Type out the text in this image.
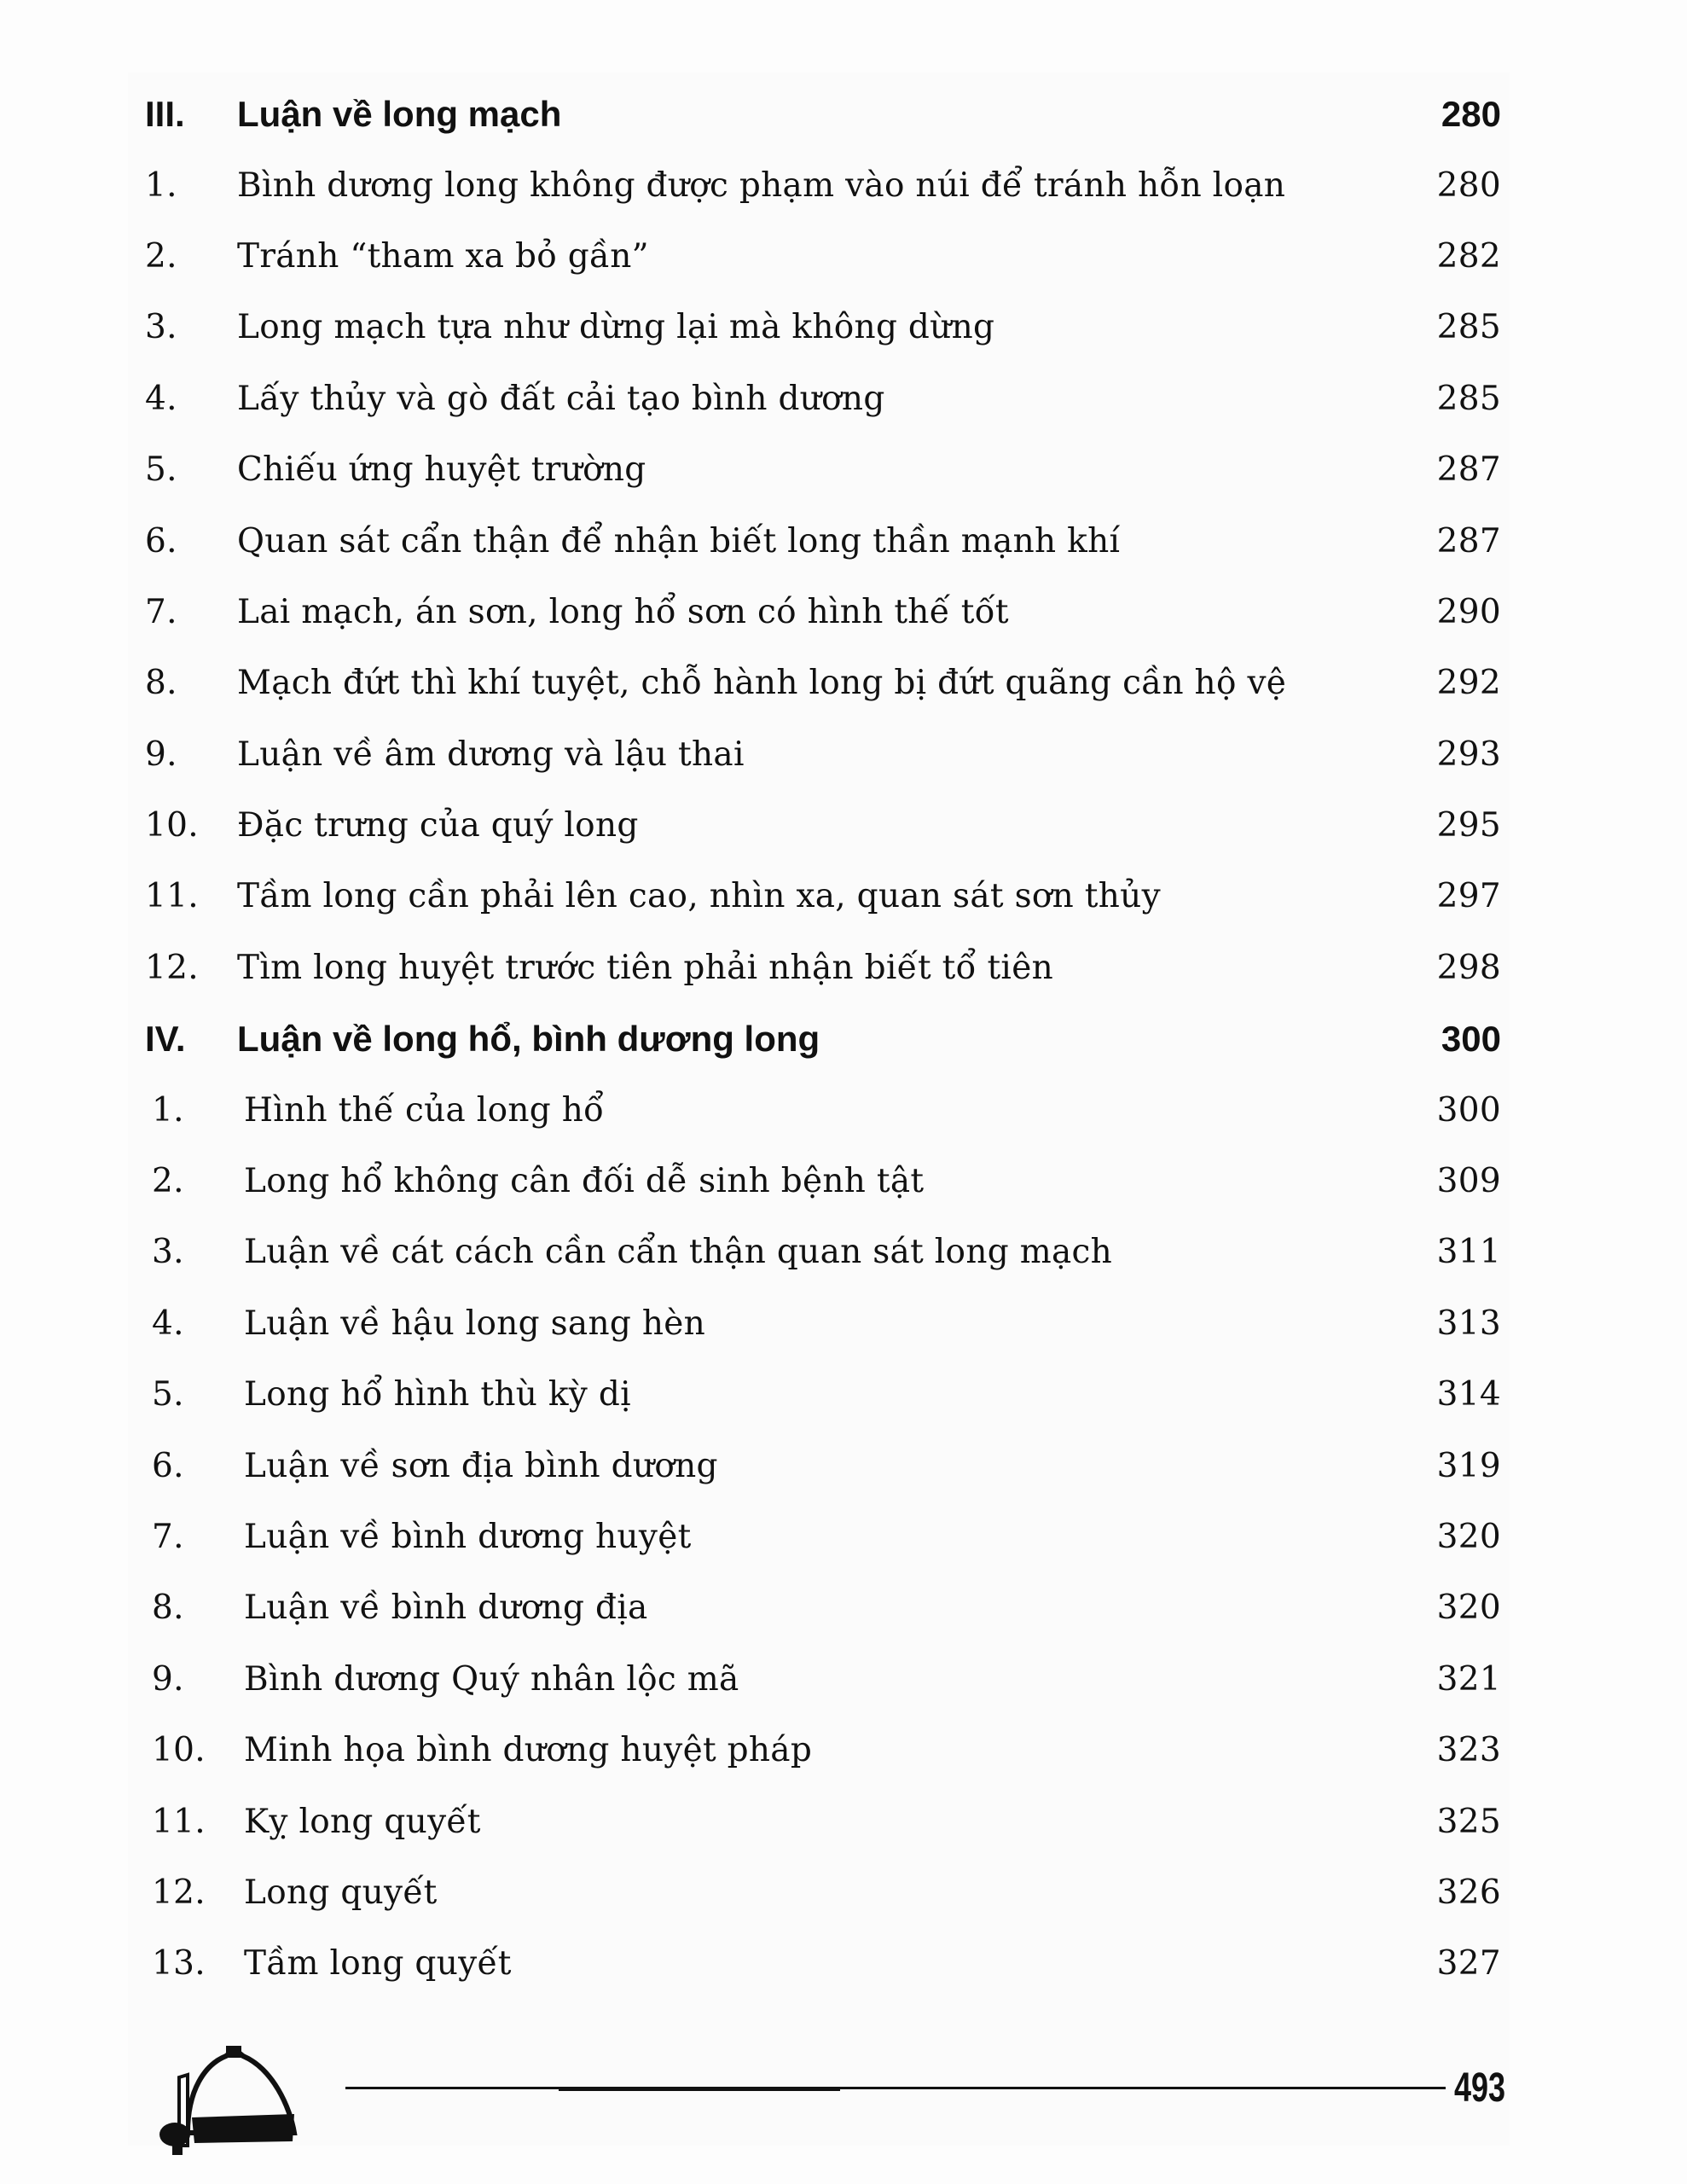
III.	Luận về long mạch	280
1.	Bình dương long không được phạm vào núi để tránh hỗn loạn	280
2.	Tránh “tham xa bỏ gần”	282
3.	Long mạch tựa như dừng lại mà không dừng	285
4.	Lấy thủy và gò đất cải tạo bình dương	285
5.	Chiếu ứng huyệt trường	287
6.	Quan sát cẩn thận để nhận biết long thần mạnh khí	287
7.	Lai mạch, án sơn, long hổ sơn có hình thế tốt	290
8.	Mạch đứt thì khí tuyệt, chỗ hành long bị đứt quãng cần hộ vệ	292
9.	Luận về âm dương và lậu thai	293
10.	Đặc trưng của quý long	295
11.	Tầm long cần phải lên cao, nhìn xa, quan sát sơn thủy	297
12.	Tìm long huyệt trước tiên phải nhận biết tổ tiên	298
IV.	Luận về long hổ, bình dương long	300
1.	Hình thế của long hổ	300
2.	Long hổ không cân đối dễ sinh bệnh tật	309
3.	Luận về cát cách cần cẩn thận quan sát long mạch	311
4.	Luận về hậu long sang hèn	313
5.	Long hổ hình thù kỳ dị	314
6.	Luận về sơn địa bình dương	319
7.	Luận về bình dương huyệt	320
8.	Luận về bình dương địa	320
9.	Bình dương Quý nhân lộc mã	321
10.	Minh họa bình dương huyệt pháp	323
11.	Kỵ long quyết	325
12.	Long quyết	326
13.	Tầm long quyết	327
493
